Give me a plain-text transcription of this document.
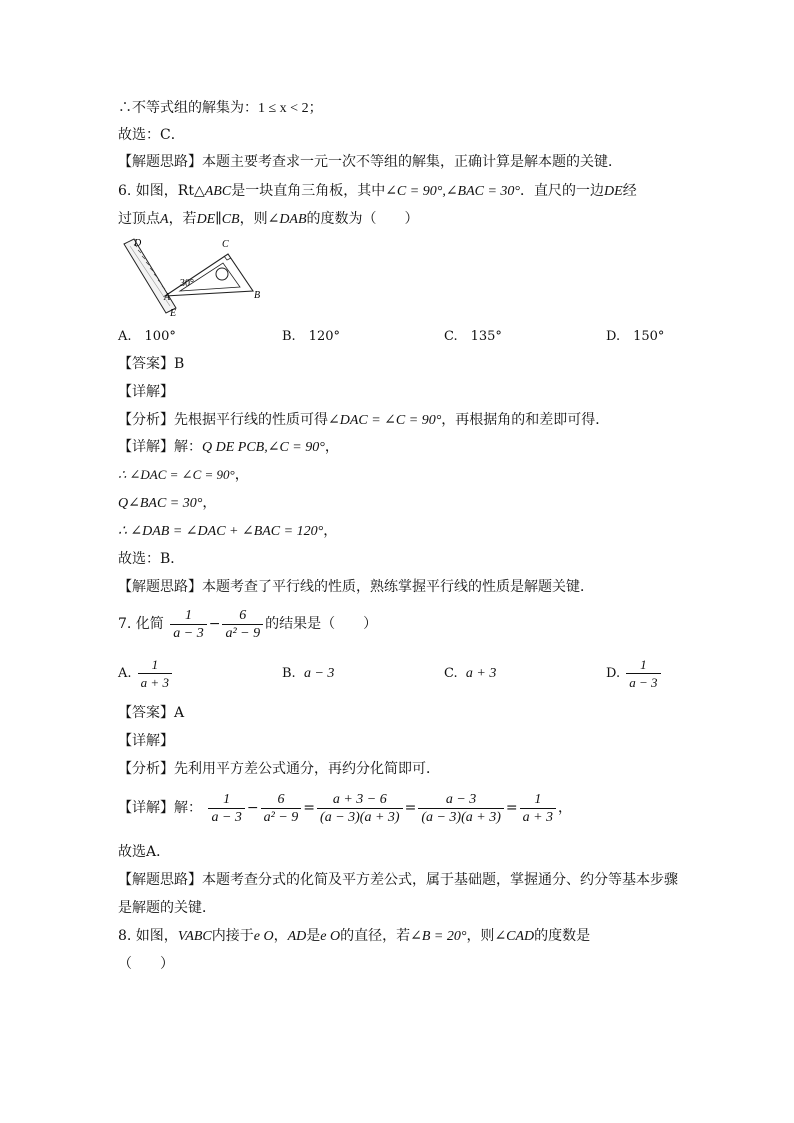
∴不等式组的解集为：1 ≤ x < 2；
故选：C．
【解题思路】本题主要考查求一元一次不等组的解集，正确计算是解本题的关键．
6. 如图，Rt△ABC是一块直角三角板，其中∠C = 90°,∠BAC = 30°．直尺的一边DE经
过顶点A，若DE∥CB，则∠DAB的度数为（　　）
D	C
30°
A	B
E
A.　100°	B.　120°	C.　135°	D.　150°
【答案】B
【详解】
【分析】先根据平行线的性质可得∠DAC = ∠C = 90°，再根据角的和差即可得．
【详解】解：Q DE PCB,∠C = 90°，
∴ ∠DAC = ∠C = 90°，
Q∠BAC = 30°，
∴ ∠DAB = ∠DAC + ∠BAC = 120°，
故选：B．
【解题思路】本题考查了平行线的性质，熟练掌握平行线的性质是解题关键．
7. 化简 $\frac{1}{a - 3} - \frac{6}{\text{a² − 9}}$ 的结果是（　　）
A. $\frac{1}{a + 3}$	B. a − 3	C. a + 3	D. $\frac{1}{a - 3}$
【答案】A
【详解】
【分析】先利用平方差公式通分，再约分化简即可．
【详解】解： $\frac{1}{a - 3} - \frac{6}{\text{a² − 9}} = \frac{a + 3 - 6}{(a - 3)(a + 3)} = \frac{a - 3}{(a - 3)(a + 3)} = \frac{1}{a + 3}$ ，
故选A．
【解题思路】本题考查分式的化简及平方差公式，属于基础题，掌握通分、约分等基本步骤
是解题的关键．
8. 如图，VABC内接于e O，AD是e O的直径，若∠B = 20°，则∠CAD的度数是
（　　）
